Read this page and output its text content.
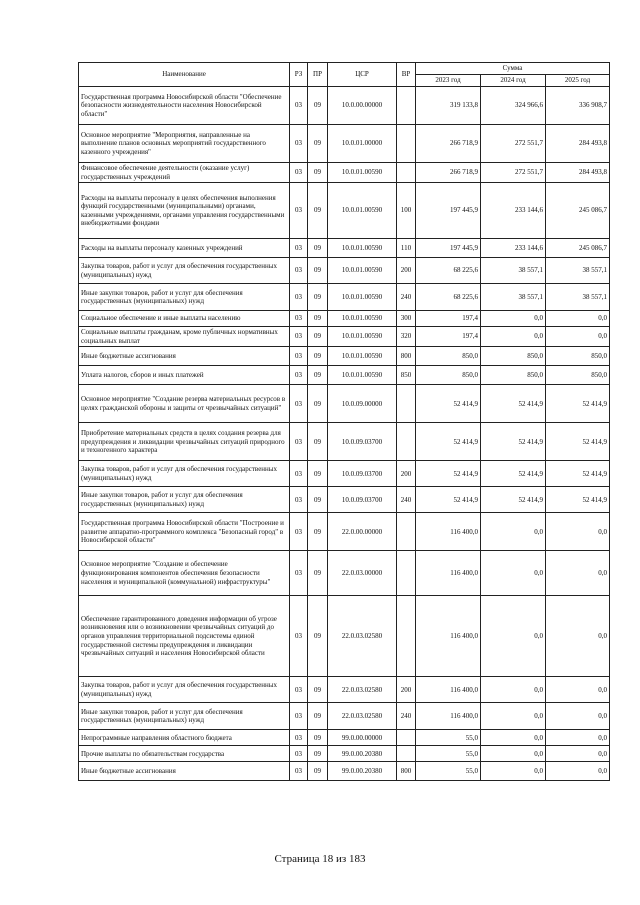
Наименование	РЗ	ПР	ЦСР	ВР	Сумма		
					2023 год	2024 год	2025 год
Государственная программа Новосибирской области "Обеспечение безопасности жизнедеятельности населения Новосибирской области"	03	09	10.0.00.00000		319 133,8	324 966,6	336 908,7
Основное мероприятие "Мероприятия, направленные на выполнение планов основных мероприятий государственного казенного учреждения"	03	09	10.0.01.00000		266 718,9	272 551,7	284 493,8
Финансовое обеспечение деятельности (оказание услуг) государственных учреждений	03	09	10.0.01.00590		266 718,9	272 551,7	284 493,8
Расходы на выплаты персоналу в целях обеспечения выполнения функций государственными (муниципальными) органами, казенными учреждениями, органами управления государственными внебюджетными фондами	03	09	10.0.01.00590	100	197 445,9	233 144,6	245 086,7
Расходы на выплаты персоналу казенных учреждений	03	09	10.0.01.00590	110	197 445,9	233 144,6	245 086,7
Закупка товаров, работ и услуг для обеспечения государственных (муниципальных) нужд	03	09	10.0.01.00590	200	68 225,6	38 557,1	38 557,1
Иные закупки товаров, работ и услуг для обеспечения государственных (муниципальных) нужд	03	09	10.0.01.00590	240	68 225,6	38 557,1	38 557,1
Социальное обеспечение и иные выплаты населению	03	09	10.0.01.00590	300	197,4	0,0	0,0
Социальные выплаты гражданам, кроме публичных нормативных социальных выплат	03	09	10.0.01.00590	320	197,4	0,0	0,0
Иные бюджетные ассигнования	03	09	10.0.01.00590	800	850,0	850,0	850,0
Уплата налогов, сборов и иных платежей	03	09	10.0.01.00590	850	850,0	850,0	850,0
Основное мероприятие "Создание резерва материальных ресурсов в целях гражданской обороны и защиты от чрезвычайных ситуаций"	03	09	10.0.09.00000		52 414,9	52 414,9	52 414,9
Приобретение материальных средств в целях создания резерва для предупреждения и ликвидации чрезвычайных ситуаций природного и техногенного характера	03	09	10.0.09.03700		52 414,9	52 414,9	52 414,9
Закупка товаров, работ и услуг для обеспечения государственных (муниципальных) нужд	03	09	10.0.09.03700	200	52 414,9	52 414,9	52 414,9
Иные закупки товаров, работ и услуг для обеспечения государственных (муниципальных) нужд	03	09	10.0.09.03700	240	52 414,9	52 414,9	52 414,9
Государственная программа Новосибирской области "Построение и развитие аппаратно-программного комплекса "Безопасный город" в Новосибирской области"	03	09	22.0.00.00000		116 400,0	0,0	0,0
Основное мероприятие "Создание и обеспечение функционирования компонентов обеспечения безопасности населения и муниципальной (коммунальной) инфраструктуры"	03	09	22.0.03.00000		116 400,0	0,0	0,0
Обеспечение гарантированного доведения информации об угрозе возникновения или о возникновении чрезвычайных ситуаций до органов управления территориальной подсистемы единой государственной системы предупреждения и ликвидации чрезвычайных ситуаций и населения Новосибирской области	03	09	22.0.03.02580		116 400,0	0,0	0,0
Закупка товаров, работ и услуг для обеспечения государственных (муниципальных) нужд	03	09	22.0.03.02580	200	116 400,0	0,0	0,0
Иные закупки товаров, работ и услуг для обеспечения государственных (муниципальных) нужд	03	09	22.0.03.02580	240	116 400,0	0,0	0,0
Непрограммные направления областного бюджета	03	09	99.0.00.00000		55,0	0,0	0,0
Прочие выплаты по обязательствам государства	03	09	99.0.00.20380		55,0	0,0	0,0
Иные бюджетные ассигнования	03	09	99.0.00.20380	800	55,0	0,0	0,0
Страница 18 из 183
